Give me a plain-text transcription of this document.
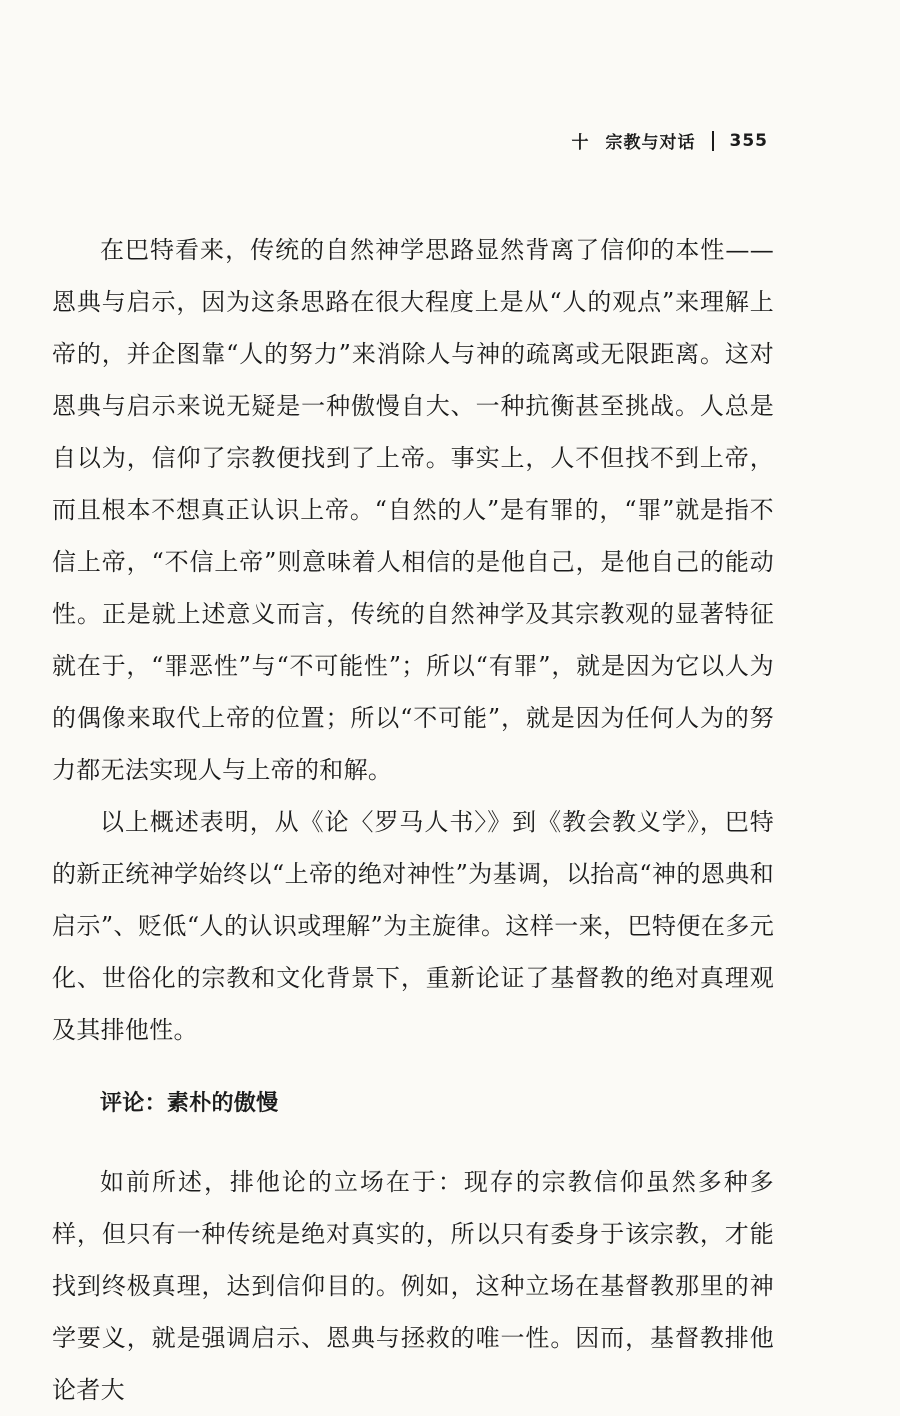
十 宗教与对话 355

在巴特看来，传统的自然神学思路显然背离了信仰的本性——恩典与启示，因为这条思路在很大程度上是从“人的观点”来理解上帝的，并企图靠“人的努力”来消除人与神的疏离或无限距离。这对恩典与启示来说无疑是一种傲慢自大、一种抗衡甚至挑战。人总是自以为，信仰了宗教便找到了上帝。事实上，人不但找不到上帝，而且根本不想真正认识上帝。“自然的人”是有罪的，“罪”就是指不信上帝，“不信上帝”则意味着人相信的是他自己，是他自己的能动性。正是就上述意义而言，传统的自然神学及其宗教观的显著特征就在于，“罪恶性”与“不可能性”；所以“有罪”，就是因为它以人为的偶像来取代上帝的位置；所以“不可能”，就是因为任何人为的努力都无法实现人与上帝的和解。

以上概述表明，从《论〈罗马人书〉》到《教会教义学》，巴特的新正统神学始终以“上帝的绝对神性”为基调，以抬高“神的恩典和启示”、贬低“人的认识或理解”为主旋律。这样一来，巴特便在多元化、世俗化的宗教和文化背景下，重新论证了基督教的绝对真理观及其排他性。

评论：素朴的傲慢

如前所述，排他论的立场在于：现存的宗教信仰虽然多种多样，但只有一种传统是绝对真实的，所以只有委身于该宗教，才能找到终极真理，达到信仰目的。例如，这种立场在基督教那里的神学要义，就是强调启示、恩典与拯救的唯一性。因而，基督教排他论者大
